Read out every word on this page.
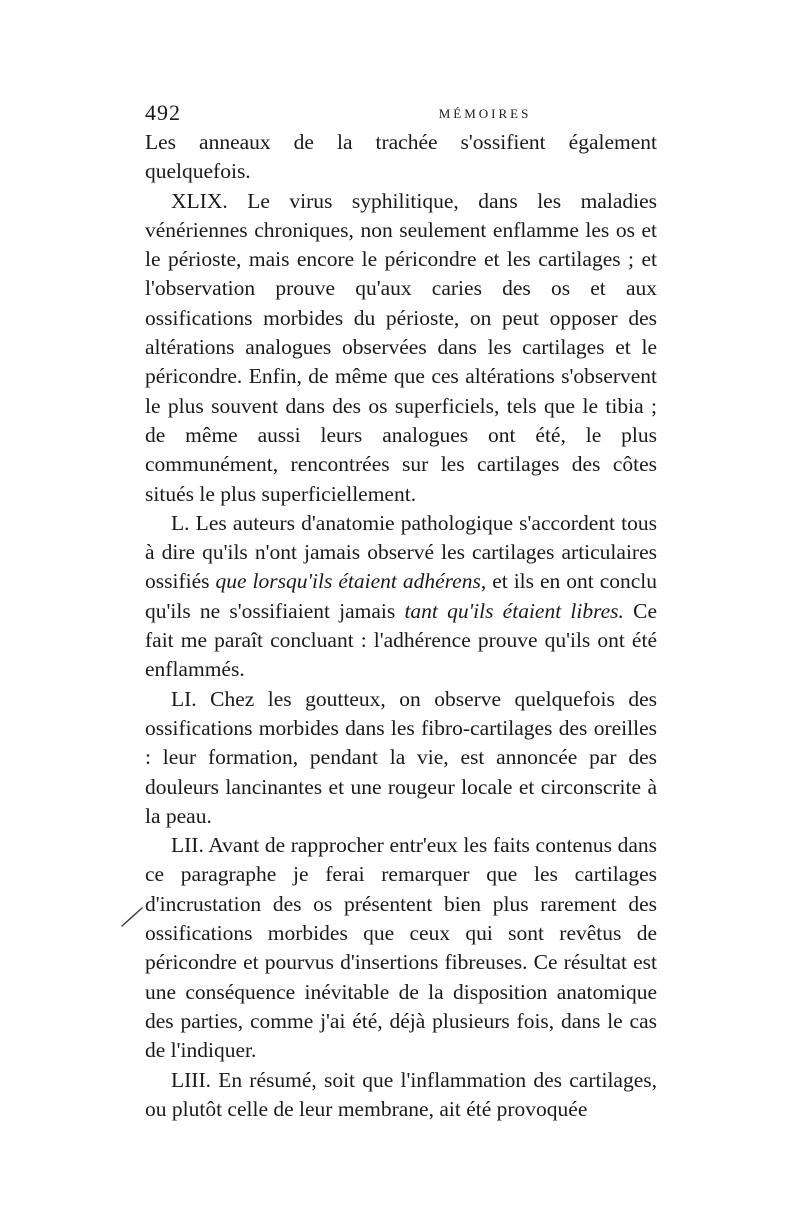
492	MÉMOIRES

Les anneaux de la trachée s'ossifient également quelquefois.

XLIX. Le virus syphilitique, dans les maladies vénériennes chroniques, non seulement enflamme les os et le périoste, mais encore le péricondre et les cartilages ; et l'observation prouve qu'aux caries des os et aux ossifications morbides du périoste, on peut opposer des altérations analogues observées dans les cartilages et le péricondre. Enfin, de même que ces altérations s'observent le plus souvent dans des os superficiels, tels que le tibia ; de même aussi leurs analogues ont été, le plus communément, rencontrées sur les cartilages des côtes situés le plus superficiellement.

L. Les auteurs d'anatomie pathologique s'accordent tous à dire qu'ils n'ont jamais observé les cartilages articulaires ossifiés que lorsqu'ils étaient adhérens, et ils en ont conclu qu'ils ne s'ossifiaient jamais tant qu'ils étaient libres. Ce fait me paraît concluant : l'adhérence prouve qu'ils ont été enflammés.

LI. Chez les goutteux, on observe quelquefois des ossifications morbides dans les fibro-cartilages des oreilles : leur formation, pendant la vie, est annoncée par des douleurs lancinantes et une rougeur locale et circonscrite à la peau.

LII. Avant de rapprocher entr'eux les faits contenus dans ce paragraphe je ferai remarquer que les cartilages d'incrustation des os présentent bien plus rarement des ossifications morbides que ceux qui sont revêtus de péricondre et pourvus d'insertions fibreuses. Ce résultat est une conséquence inévitable de la disposition anatomique des parties, comme j'ai été, déjà plusieurs fois, dans le cas de l'indiquer.

LIII. En résumé, soit que l'inflammation des cartilages, ou plutôt celle de leur membrane, ait été provoquée
